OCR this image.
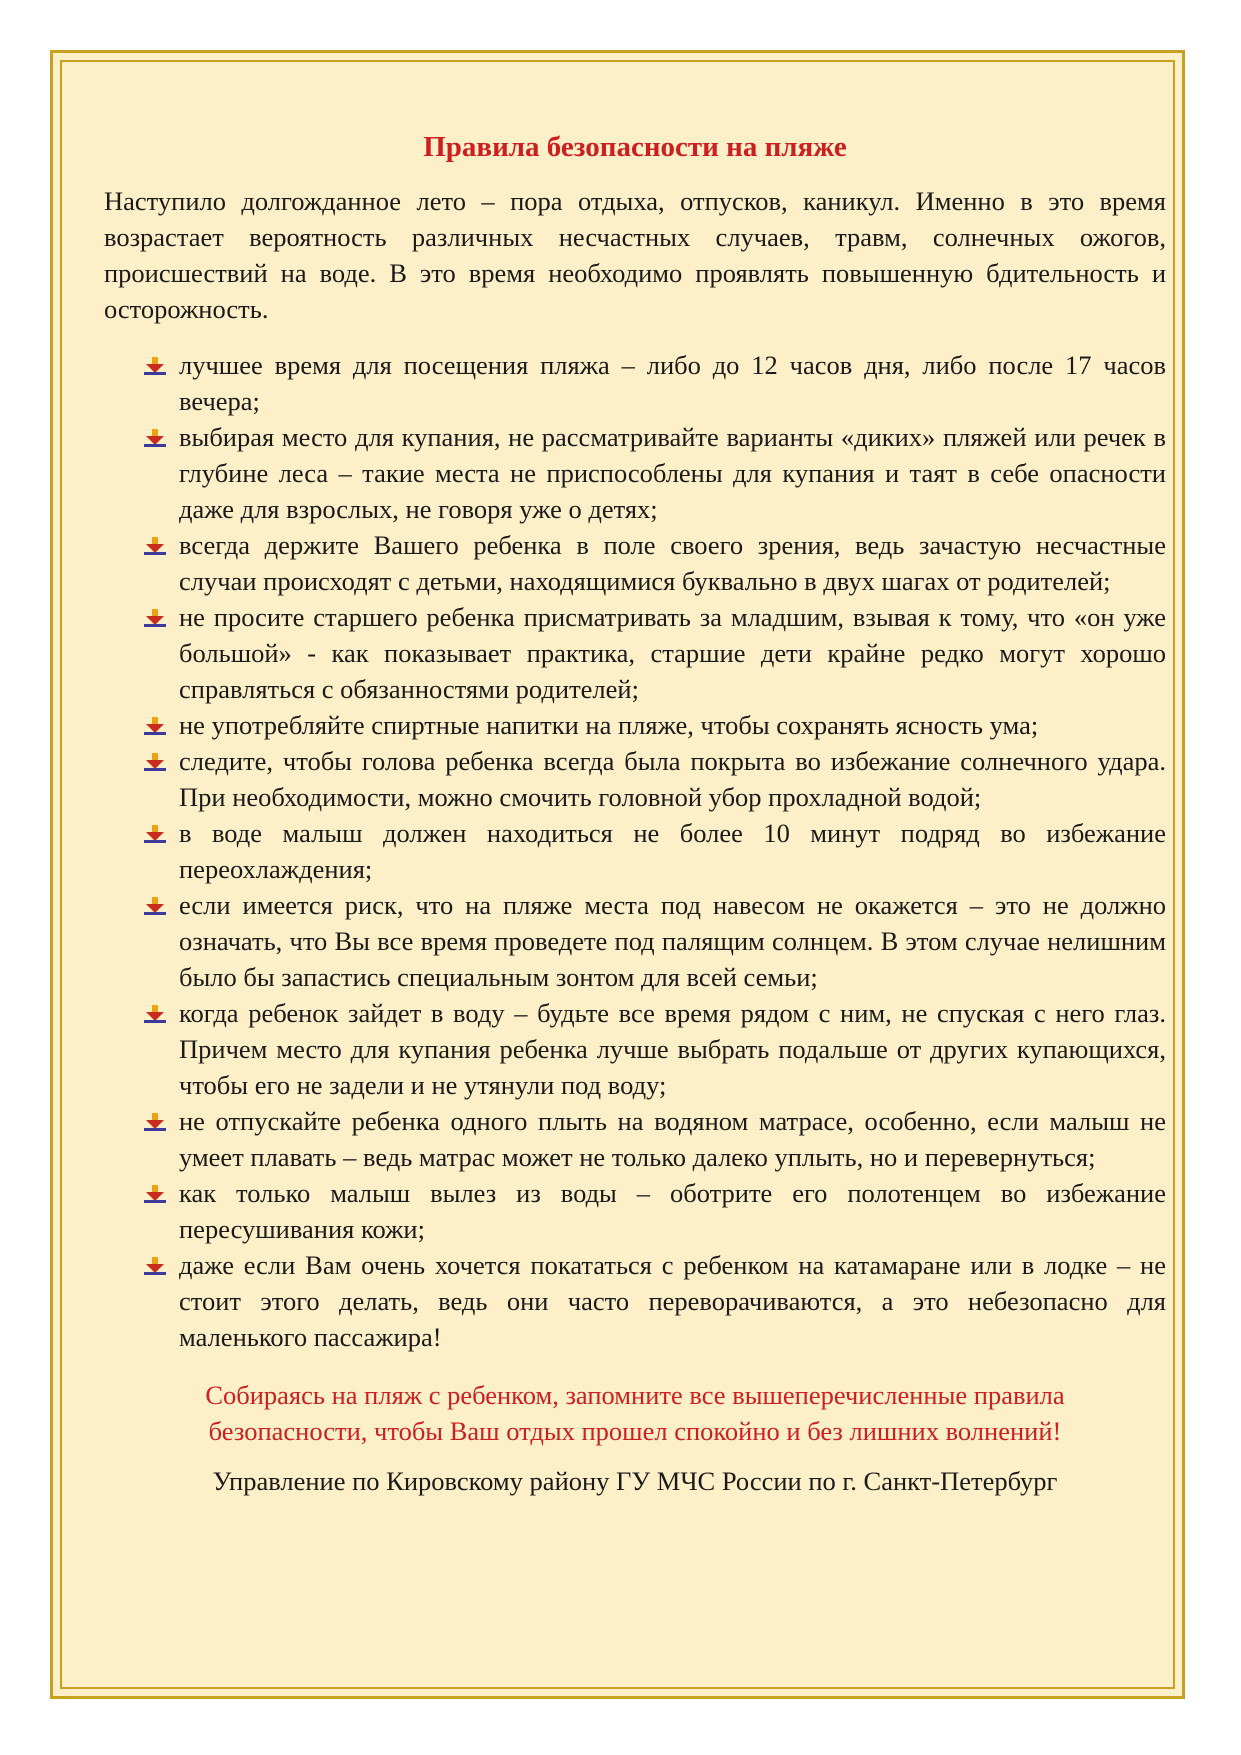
Правила безопасности на пляже

Наступило долгожданное лето – пора отдыха, отпусков, каникул. Именно в это время возрастает вероятность различных несчастных случаев, травм, солнечных ожогов, происшествий на воде. В это время необходимо проявлять повышенную бдительность и осторожность.

лучшее время для посещения пляжа – либо до 12 часов дня, либо после 17 часов вечера;
выбирая место для купания, не рассматривайте варианты «диких» пляжей или речек в глубине леса – такие места не приспособлены для купания и таят в себе опасности даже для взрослых, не говоря уже о детях;
всегда держите Вашего ребенка в поле своего зрения, ведь зачастую несчастные случаи происходят с детьми, находящимися буквально в двух шагах от родителей;
не просите старшего ребенка присматривать за младшим, взывая к тому, что «он уже большой» - как показывает практика, старшие дети крайне редко могут хорошо справляться с обязанностями родителей;
не употребляйте спиртные напитки на пляже, чтобы сохранять ясность ума;
следите, чтобы голова ребенка всегда была покрыта во избежание солнечного удара. При необходимости, можно смочить головной убор прохладной водой;
в воде малыш должен находиться не более 10 минут подряд во избежание переохлаждения;
если имеется риск, что на пляже места под навесом не окажется – это не должно означать, что Вы все время проведете под палящим солнцем. В этом случае нелишним было бы запастись специальным зонтом для всей семьи;
когда ребенок зайдет в воду – будьте все время рядом с ним, не спуская с него глаз. Причем место для купания ребенка лучше выбрать подальше от других купающихся, чтобы его не задели и не утянули под воду;
не отпускайте ребенка одного плыть на водяном матрасе, особенно, если малыш не умеет плавать – ведь матрас может не только далеко уплыть, но и перевернуться;
как только малыш вылез из воды – оботрите его полотенцем во избежание пересушивания кожи;
даже если Вам очень хочется покататься с ребенком на катамаране или в лодке – не стоит этого делать, ведь они часто переворачиваются, а это небезопасно для маленького пассажира!

Собираясь на пляж с ребенком, запомните все вышеперечисленные правила

безопасности, чтобы Ваш отдых прошел спокойно и без лишних волнений!

Управление по Кировскому району ГУ МЧС России по г. Санкт-Петербург
